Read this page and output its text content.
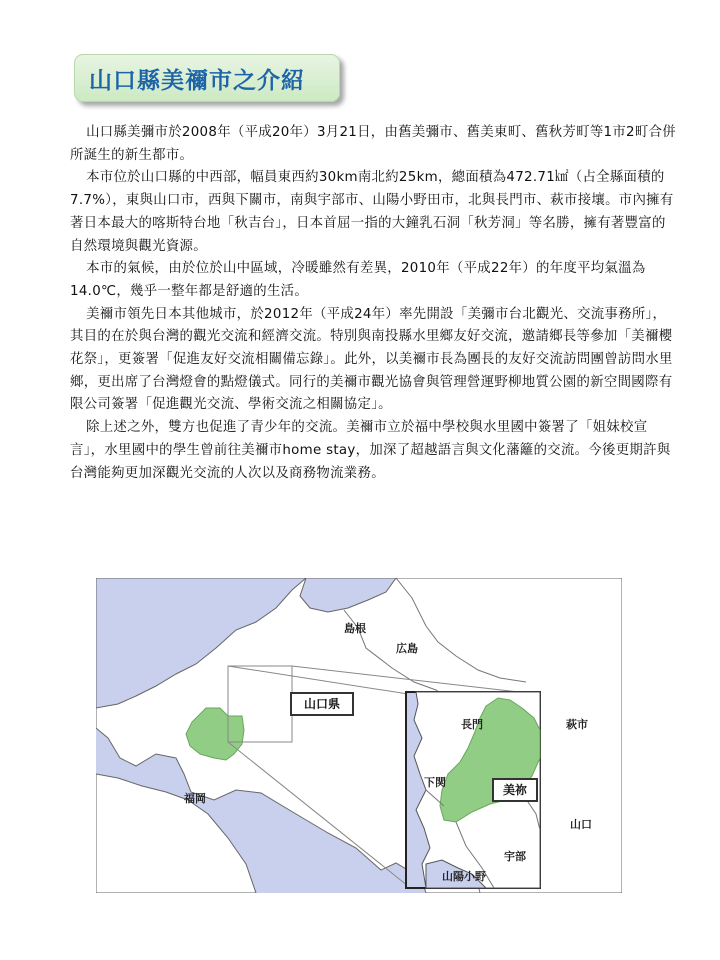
山口縣美禰市之介紹

山口縣美彌市於2008年（平成20年）3月21日，由舊美彌市、舊美東町、舊秋芳町等1市2町合併所誕生的新生都市。

本市位於山口縣的中西部，幅員東西約30km南北約25km，總面積為472.71㎢（占全縣面積的7.7%），東與山口市，西與下關市，南與宇部市、山陽小野田市，北與長門市、萩市接壤。市內擁有著日本最大的喀斯特台地「秋吉台」，日本首屈一指的大鐘乳石洞「秋芳洞」等名勝，擁有著豐富的自然環境與觀光資源。

本市的氣候，由於位於山中區域，冷暖雖然有差異，2010年（平成22年）的年度平均氣溫為14.0℃，幾乎一整年都是舒適的生活。

美禰市領先日本其他城市，於2012年（平成24年）率先開設「美彌市台北觀光、交流事務所」，其目的在於與台灣的觀光交流和經濟交流。特別與南投縣水里鄉友好交流，邀請鄉長等參加「美禰櫻花祭」，更簽署「促進友好交流相關備忘錄」。此外，以美禰市長為團長的友好交流訪問團曾訪問水里鄉，更出席了台灣燈會的點燈儀式。同行的美禰市觀光協會與管理營運野柳地質公園的新空間國際有限公司簽署「促進觀光交流、學術交流之相關協定」。

除上述之外，雙方也促進了青少年的交流。美禰市立於福中學校與水里國中簽署了「姐妹校宣言」，水里國中的學生曾前往美禰市home stay，加深了超越語言與文化藩籬的交流。今後更期許與台灣能夠更加深觀光交流的人次以及商務物流業務。

島根
広島
山口県
福岡
長門	萩市
下関
美祢
山口
宇部
山陽小野
